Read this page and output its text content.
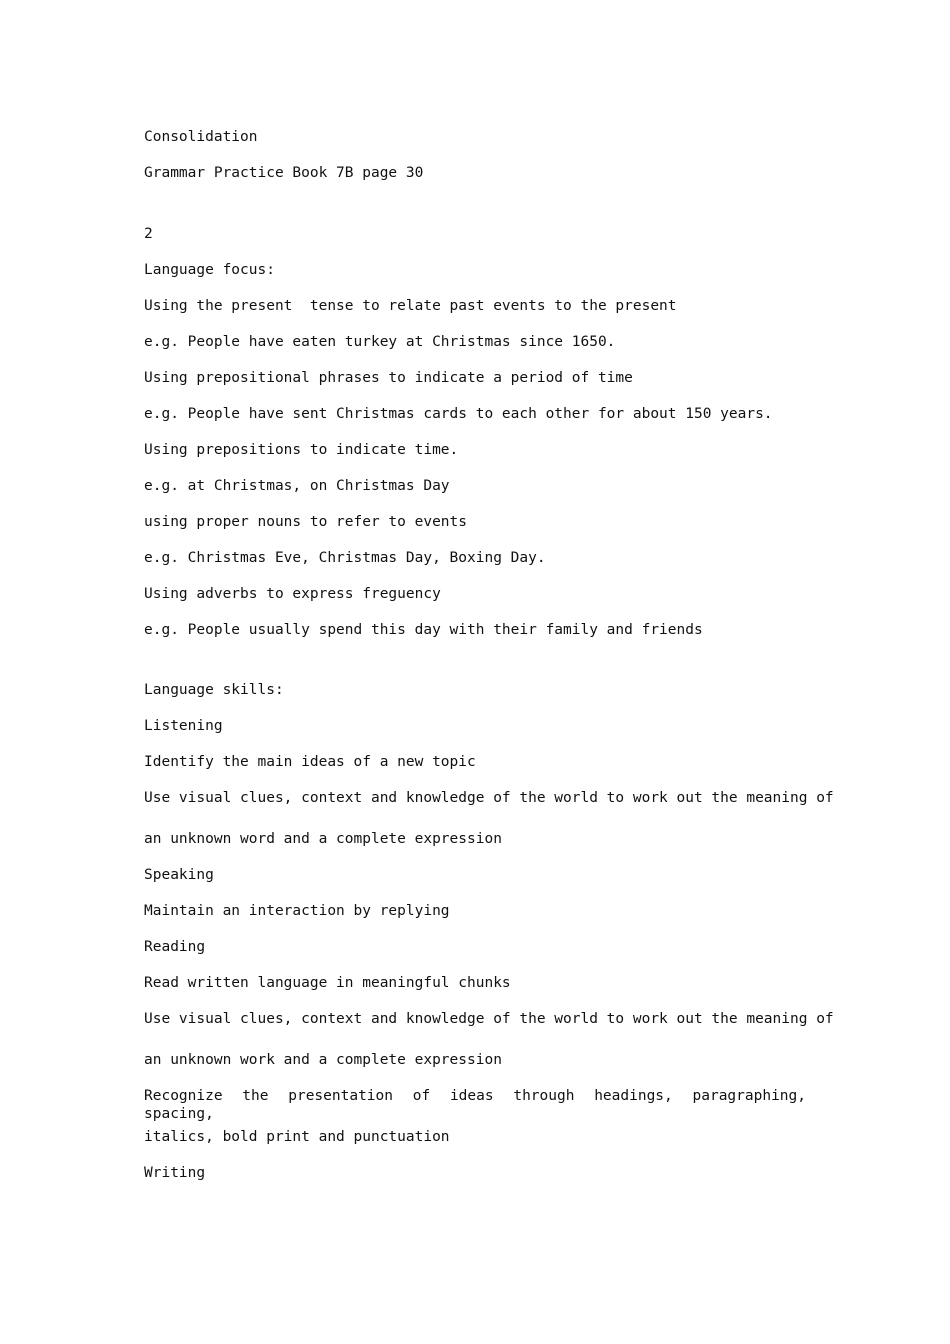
Consolidation

Grammar Practice Book 7B page 30

2

Language focus:

Using the present  tense to relate past events to the present

e.g. People have eaten turkey at Christmas since 1650.

Using prepositional phrases to indicate a period of time

e.g. People have sent Christmas cards to each other for about 150 years.

Using prepositions to indicate time.

e.g. at Christmas, on Christmas Day

using proper nouns to refer to events

e.g. Christmas Eve, Christmas Day, Boxing Day.

Using adverbs to express freguency

e.g. People usually spend this day with their family and friends

Language skills:

Listening

Identify the main ideas of a new topic

Use visual clues, context and knowledge of the world to work out the meaning of

an unknown word and a complete expression

Speaking

Maintain an interaction by replying

Reading

Read written language in meaningful chunks

Use visual clues, context and knowledge of the world to work out the meaning of

an unknown work and a complete expression

Recognize the presentation of ideas through headings, paragraphing, spacing,

italics, bold print and punctuation

Writing
